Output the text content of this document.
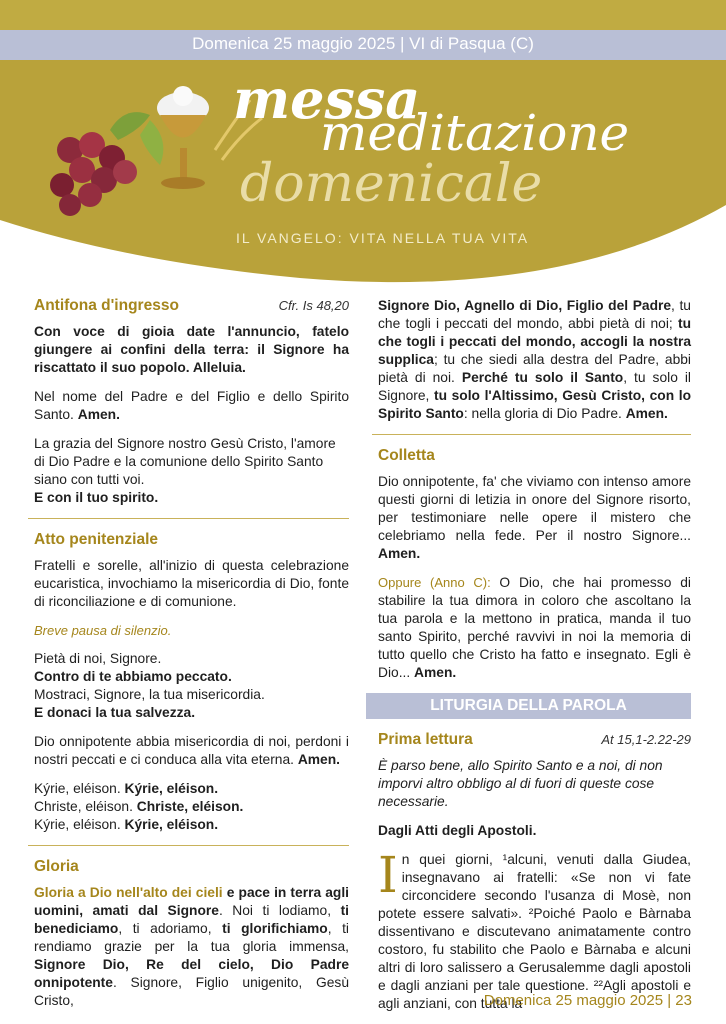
Domenica 25 maggio 2025 | VI di Pasqua (C)
messa
meditazione
domenicale
IL VANGELO: VITA NELLA TUA VITA
Antifona d'ingresso	Cfr. Is 48,20

Con voce di gioia date l'annuncio, fatelo giungere ai confini della terra: il Signore ha riscattato il suo popolo. Alleluia.

Nel nome del Padre e del Figlio e dello Spirito Santo. Amen.

La grazia del Signore nostro Gesù Cristo, l'amore di Dio Padre e la comunione dello Spirito Santo siano con tutti voi.
E con il tuo spirito.

Atto penitenziale

Fratelli e sorelle, all'inizio di questa celebrazione eucaristica, invochiamo la misericordia di Dio, fonte di riconciliazione e di comunione.

Breve pausa di silenzio.

Pietà di noi, Signore.
Contro di te abbiamo peccato.
Mostraci, Signore, la tua misericordia.
E donaci la tua salvezza.

Dio onnipotente abbia misericordia di noi, perdoni i nostri peccati e ci conduca alla vita eterna. Amen.

Kýrie, eléison. Kýrie, eléison.
Christe, eléison. Christe, eléison.
Kýrie, eléison. Kýrie, eléison.

Gloria

Gloria a Dio nell'alto dei cieli e pace in terra agli uomini, amati dal Signore. Noi ti lodiamo, ti benediciamo, ti adoriamo, ti glorifichiamo, ti rendiamo grazie per la tua gloria immensa, Signore Dio, Re del cielo, Dio Padre onnipotente. Signore, Figlio unigenito, Gesù Cristo,

Signore Dio, Agnello di Dio, Figlio del Padre, tu che togli i peccati del mondo, abbi pietà di noi; tu che togli i peccati del mondo, accogli la nostra supplica; tu che siedi alla destra del Padre, abbi pietà di noi. Perché tu solo il Santo, tu solo il Signore, tu solo l'Altissimo, Gesù Cristo, con lo Spirito Santo: nella gloria di Dio Padre. Amen.

Colletta

Dio onnipotente, fa' che viviamo con intenso amore questi giorni di letizia in onore del Signore risorto, per testimoniare nelle opere il mistero che celebriamo nella fede. Per il nostro Signore... Amen.

Oppure (Anno C): O Dio, che hai promesso di stabilire la tua dimora in coloro che ascoltano la tua parola e la mettono in pratica, manda il tuo santo Spirito, perché ravvivi in noi la memoria di tutto quello che Cristo ha fatto e insegnato. Egli è Dio... Amen.

LITURGIA DELLA PAROLA
Prima lettura	At 15,1-2.22-29

È parso bene, allo Spirito Santo e a noi, di non imporvi altro obbligo al di fuori di queste cose necessarie.

Dagli Atti degli Apostoli.

In quei giorni, ¹alcuni, venuti dalla Giudea, insegnavano ai fratelli: «Se non vi fate circoncidere secondo l'usanza di Mosè, non potete essere salvati». ²Poiché Paolo e Bàrnaba dissentivano e discutevano animatamente contro costoro, fu stabilito che Paolo e Bàrnaba e alcuni altri di loro salissero a Gerusalemme dagli apostoli e dagli anziani per tale questione. ²²Agli apostoli e agli anziani, con tutta la

Domenica 25 maggio 2025 | 23
